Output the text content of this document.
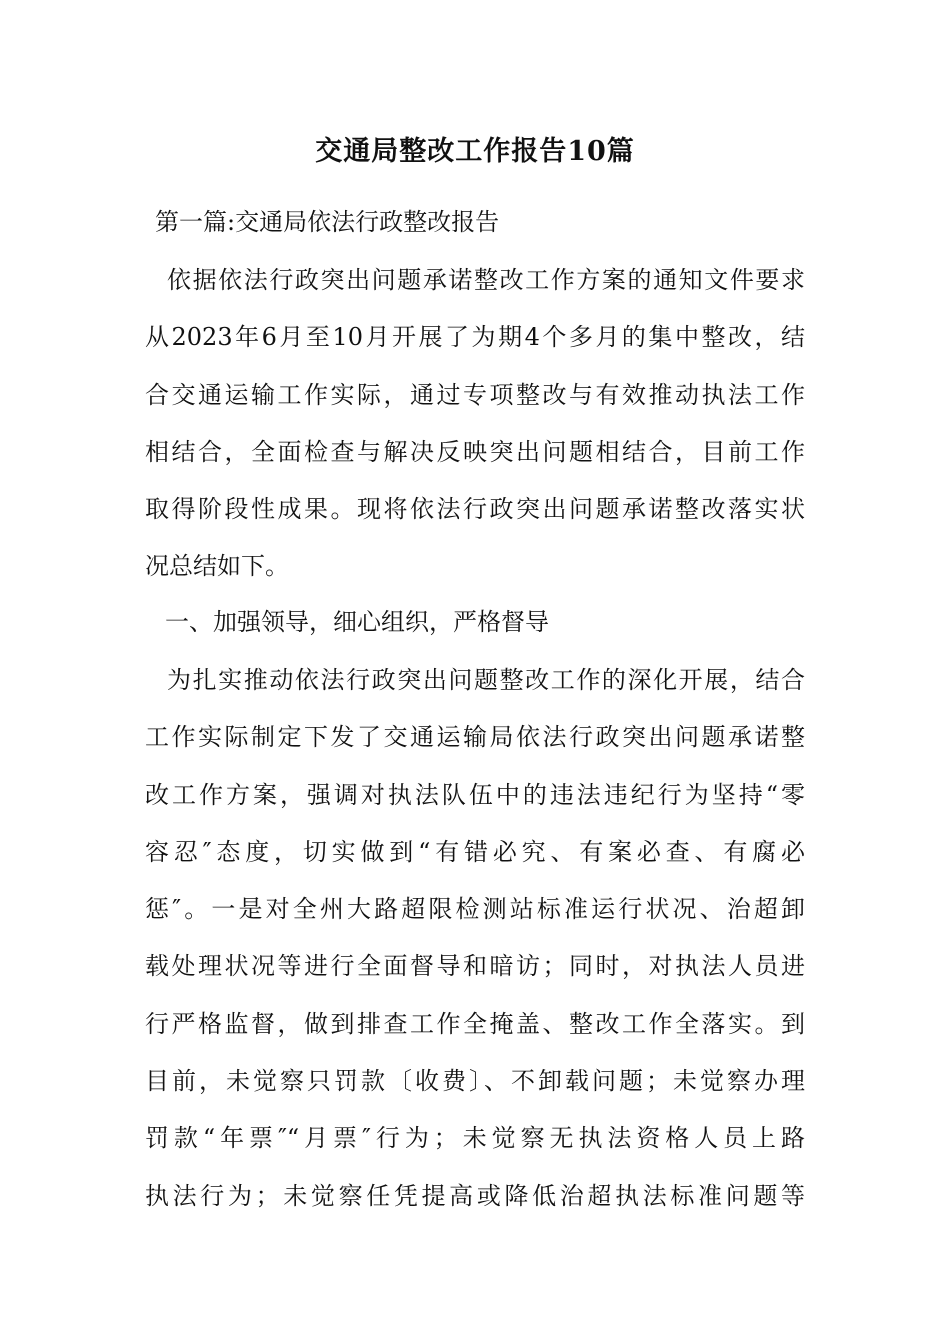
交通局整改工作报告10篇
第一篇:交通局依法行政整改报告
依据依法行政突出问题承诺整改工作方案的通知文件要求
从2023年6月至10月开展了为期4个多月的集中整改，结
合交通运输工作实际，通过专项整改与有效推动执法工作
相结合，全面检查与解决反映突出问题相结合，目前工作
取得阶段性成果。现将依法行政突出问题承诺整改落实状
况总结如下。
一、加强领导，细心组织，严格督导
为扎实推动依法行政突出问题整改工作的深化开展，结合
工作实际制定下发了交通运输局依法行政突出问题承诺整
改工作方案，强调对执法队伍中的违法违纪行为坚持“零
容忍″态度，切实做到“有错必究、有案必查、有腐必
惩″。一是对全州大路超限检测站标准运行状况、治超卸
载处理状况等进行全面督导和暗访；同时，对执法人员进
行严格监督，做到排查工作全掩盖、整改工作全落实。到
目前，未觉察只罚款〔收费〕、不卸载问题；未觉察办理
罚款“年票″“月票″行为；未觉察无执法资格人员上路
执法行为；未觉察任凭提高或降低治超执法标准问题等
